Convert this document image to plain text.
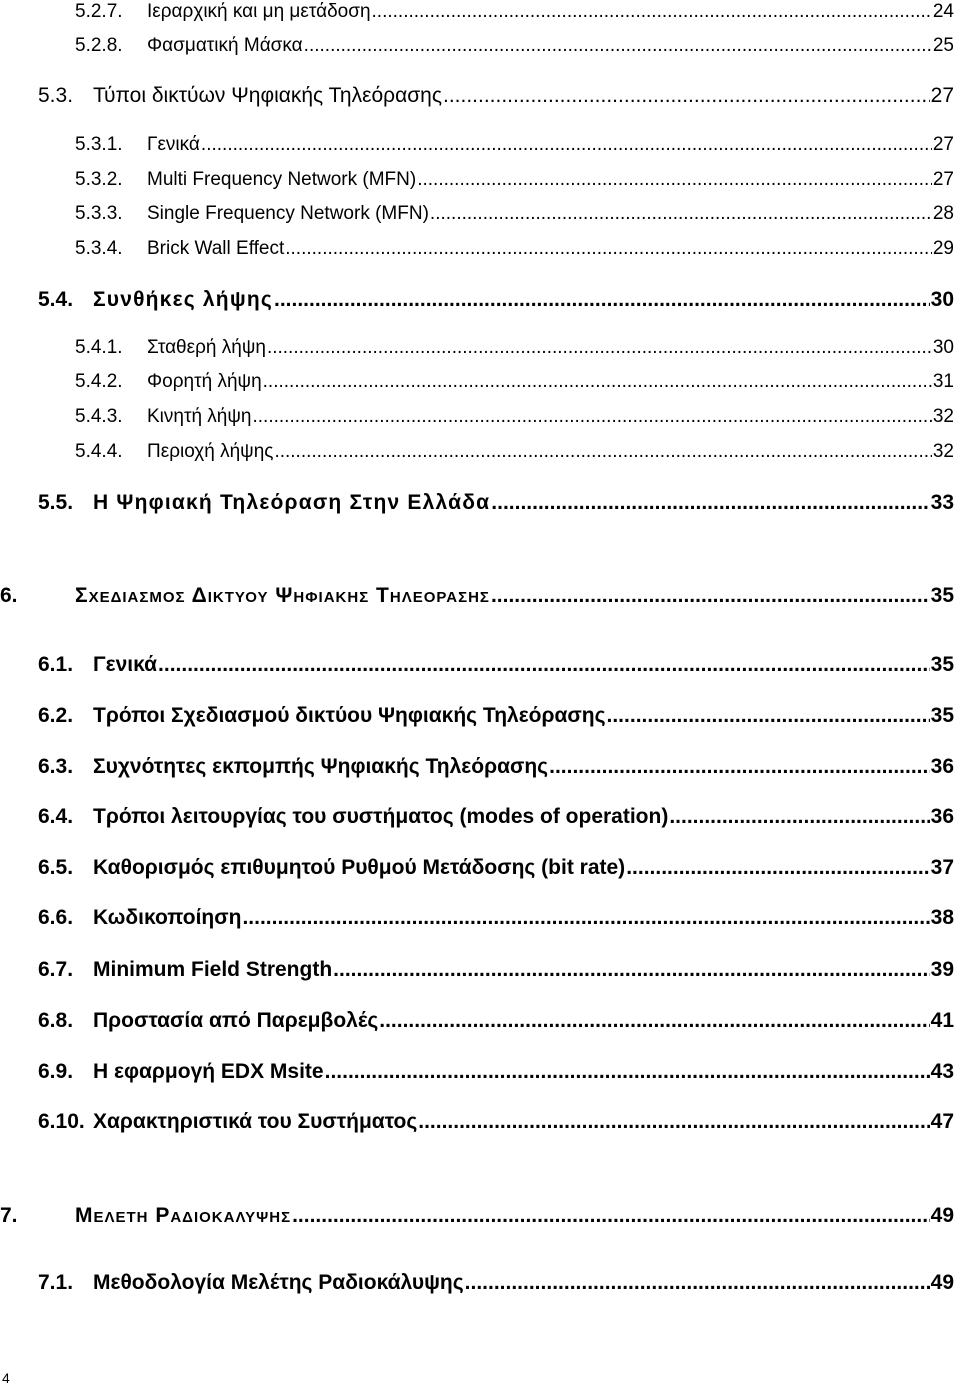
5.2.7.	Ιεραρχική και μη μετάδοση .....	24
5.2.8.	Φασματική Μάσκα .....	25
5.3. Τύποι δικτύων Ψηφιακής Τηλεόρασης .....	27
5.3.1.	Γενικά .....	27
5.3.2.	Multi Frequency Network (MFN) .....	27
5.3.3.	Single Frequency Network (MFN) .....	28
5.3.4.	Brick Wall Effect .....	29
5.4. Συνθήκες λήψης .....	30
5.4.1.	Σταθερή λήψη .....	30
5.4.2.	Φορητή λήψη .....	31
5.4.3.	Κινητή λήψη .....	32
5.4.4.	Περιοχή λήψης .....	32
5.5. Η Ψηφιακή Τηλεόραση Στην Ελλάδα .....	33
6.	Σχεδιασμος Δικτυου Ψηφιακης Τηλεορασης .....	35
6.1. Γενικά .....	35
6.2. Τρόποι Σχεδιασμού δικτύου Ψηφιακής Τηλεόρασης .....	35
6.3. Συχνότητες εκπομπής Ψηφιακής Τηλεόρασης .....	36
6.4. Τρόποι λειτουργίας του συστήματος (modes of operation) .....	36
6.5. Καθορισμός επιθυμητού Ρυθμού Μετάδοσης (bit rate) .....	37
6.6. Κωδικοποίηση .....	38
6.7. Minimum Field Strength .....	39
6.8. Προστασία από Παρεμβολές .....	41
6.9. Η εφαρμογή EDX Msite .....	43
6.10. Χαρακτηριστικά του Συστήματος .....	47
7.	Μελετη Ραδιοκαλυψης .....	49
7.1. Μεθοδολογία Μελέτης Ραδιοκάλυψης .....	49
4
